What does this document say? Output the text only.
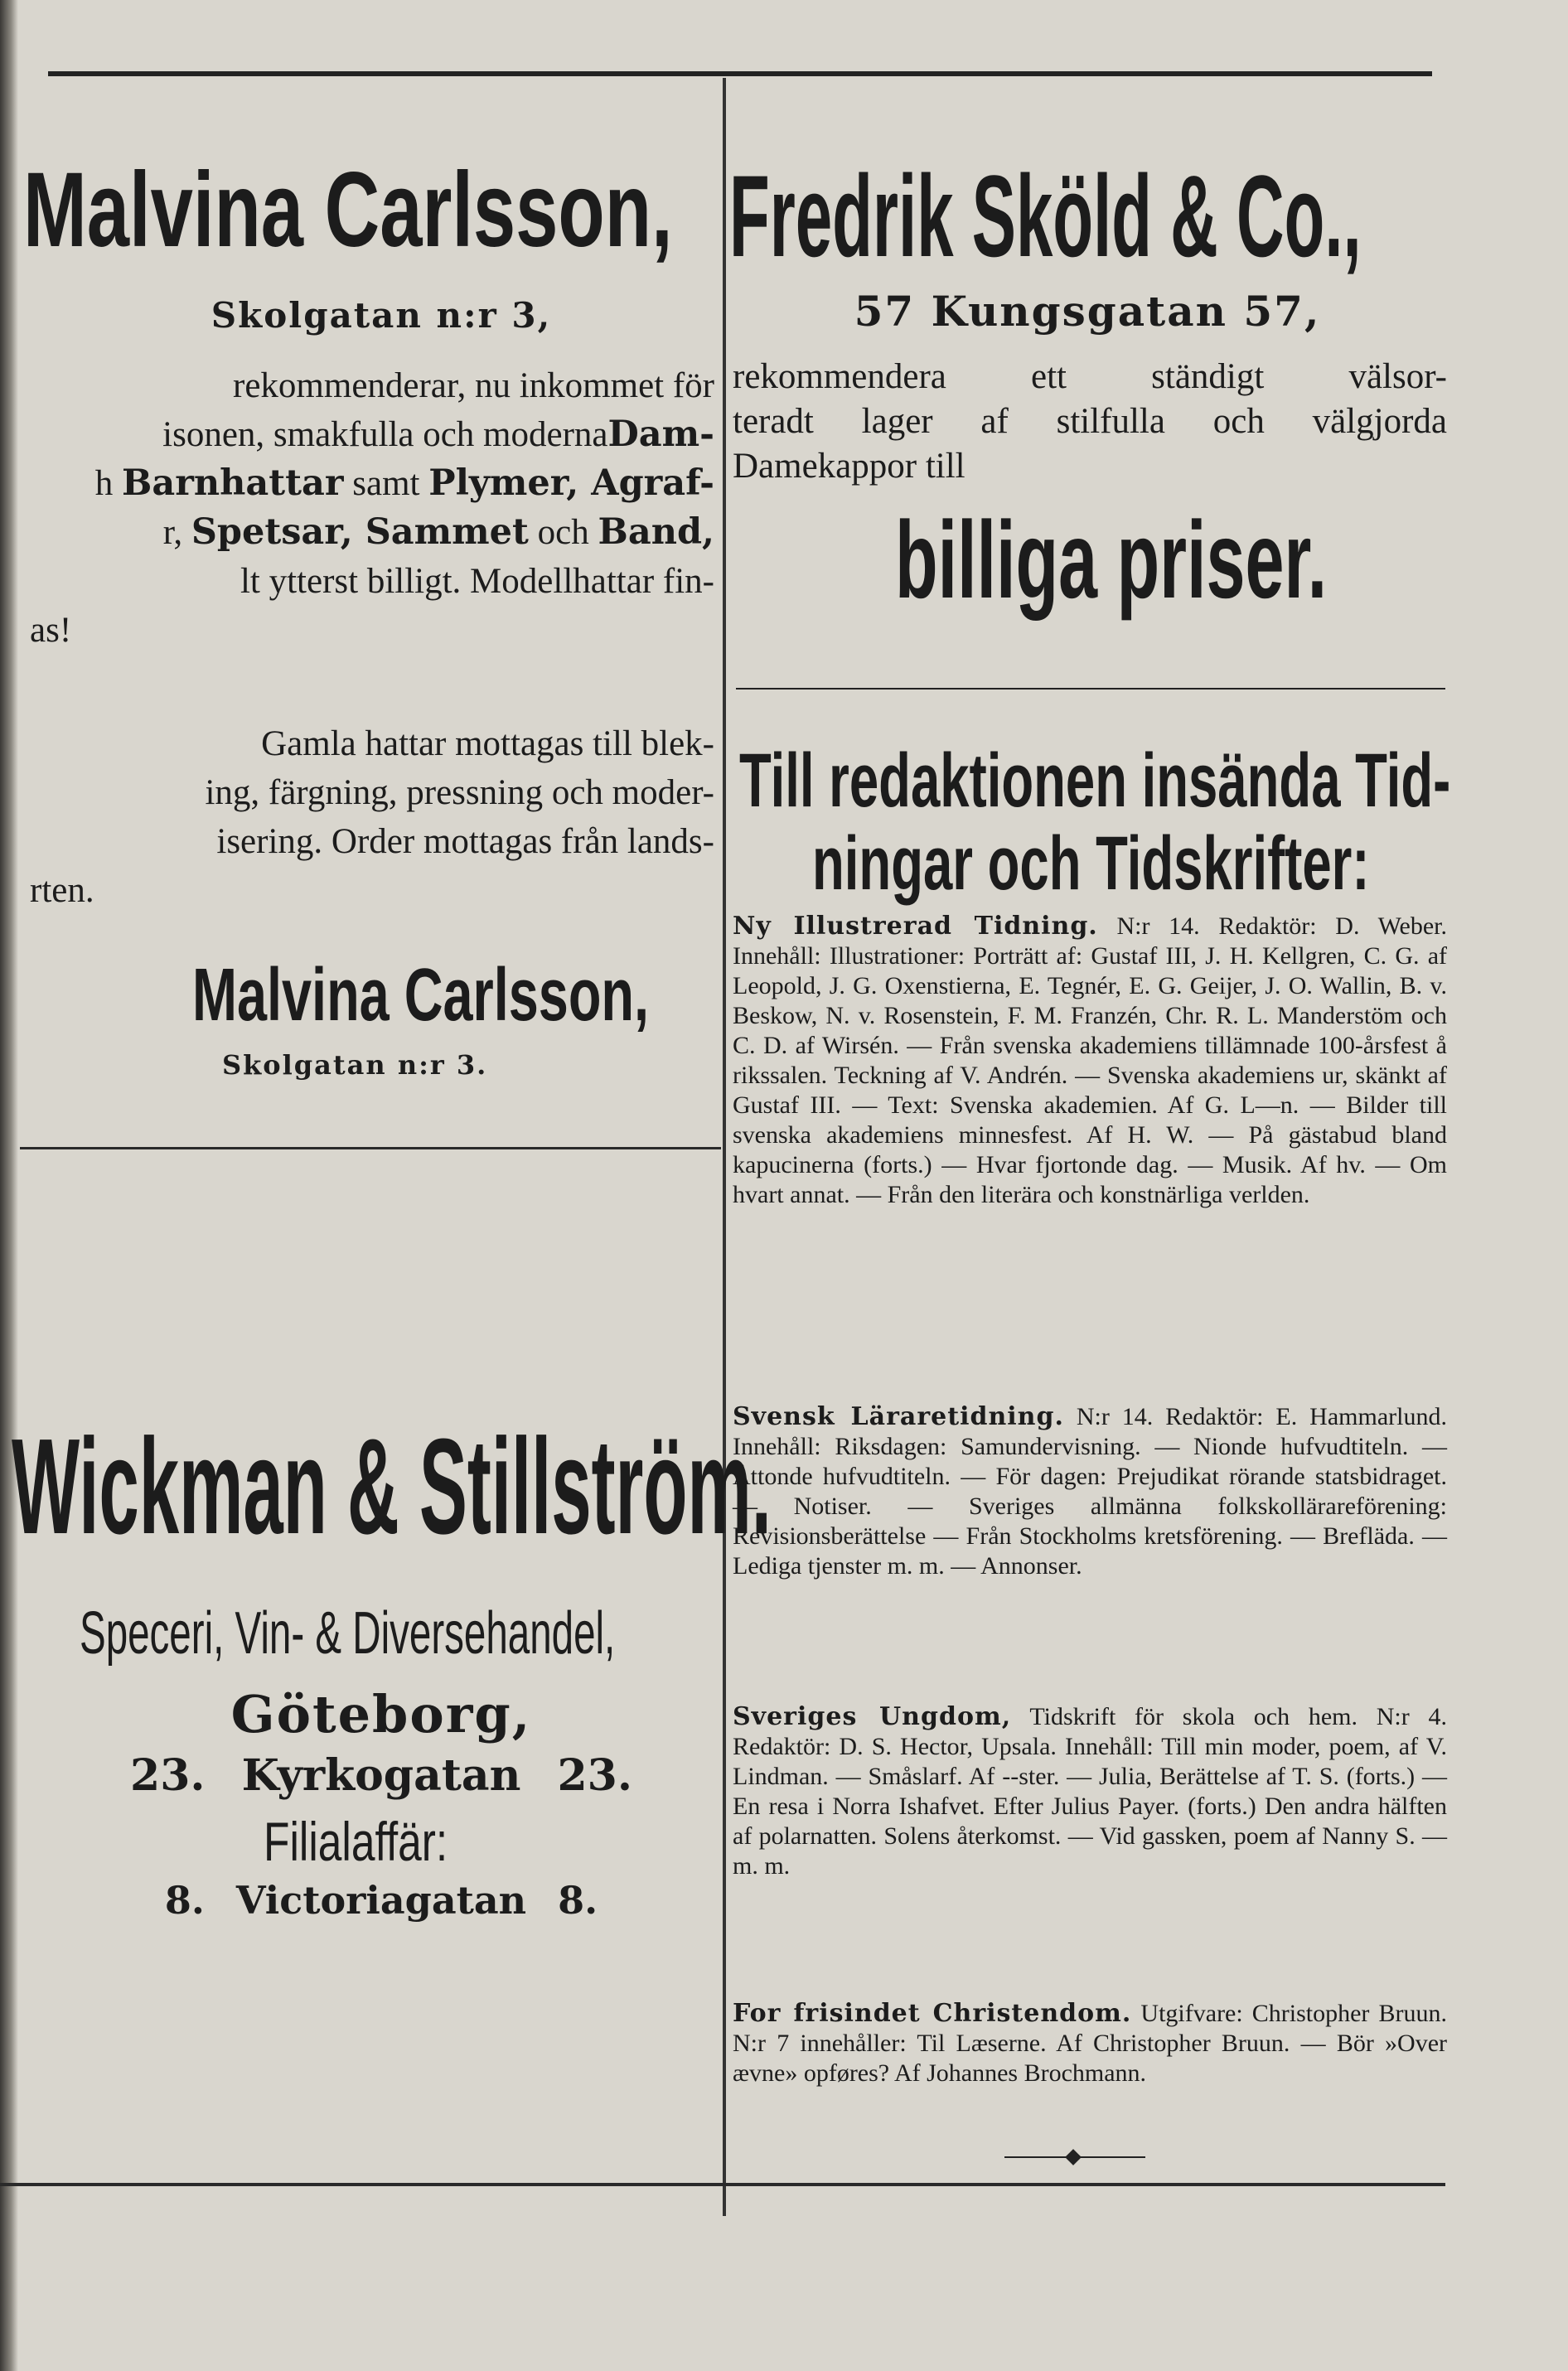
Malvina Carlsson,
Skolgatan n:r 3,
rekommenderar, nu inkommet för
isonen, smakfulla och modernaDam-
h Barnhattar samt Plymer, Agraf-
r, Spetsar, Sammet och Band,
lt ytterst billigt. Modellhattar fin-
as!
Gamla hattar mottagas till blek-
ing, färgning, pressning och moder-
isering. Order mottagas från lands-
rten.
Malvina Carlsson,
Skolgatan n:r 3.
Wickman & Stillström.
Speceri, Vin- & Diversehandel,
Göteborg,
23. Kyrkogatan 23.
Filialaffär:
8. Victoriagatan 8.
Fredrik Sköld & Co.,
57 Kungsgatan 57,
rekommendera ett ständigt välsor-
teradt lager af stilfulla och välgjorda
Damekappor till
billiga priser.
Till redaktionen insända Tid-
ningar och Tidskrifter:
Ny Illustrerad Tidning. N:r 14. Redaktör: D. Weber. Innehåll: Illustrationer: Porträtt af: Gustaf III, J. H. Kellgren, C. G. af Leopold, J. G. Oxenstierna, E. Tegnér, E. G. Geijer, J. O. Wallin, B. v. Beskow, N. v. Rosenstein, F. M. Franzén, Chr. R. L. Manderstöm och C. D. af Wirsén. — Från svenska akademiens tillämnade 100-årsfest å rikssalen. Teckning af V. Andrén. — Svenska akademiens ur, skänkt af Gustaf III. — Text: Svenska akademien. Af G. L—n. — Bilder till svenska akademiens minnesfest. Af H. W. — På gästabud bland kapucinerna (forts.) — Hvar fjortonde dag. — Musik. Af hv. — Om hvart annat. — Från den literära och konstnärliga verlden.
Svensk Läraretidning. N:r 14. Redaktör: E. Hammarlund. Innehåll: Riksdagen: Samundervisning. — Nionde hufvudtiteln. — Åttonde hufvudtiteln. — För dagen: Prejudikat rörande statsbidraget. — Notiser. — Sveriges allmänna folkskollärareförening: Revisionsberättelse — Från Stockholms kretsförening. — Brefläda. — Lediga tjenster m. m. — Annonser.
Sveriges Ungdom, Tidskrift för skola och hem. N:r 4. Redaktör: D. S. Hector, Upsala. Innehåll: Till min moder, poem, af V. Lindman. — Småslarf. Af --ster. — Julia, Berättelse af T. S. (forts.) — En resa i Norra Ishafvet. Efter Julius Payer. (forts.) Den andra hälften af polarnatten. Solens återkomst. — Vid gassken, poem af Nanny S. — m. m.
For frisindet Christendom. Utgifvare: Christopher Bruun. N:r 7 innehåller: Til Læserne. Af Christopher Bruun. — Bör »Over ævne» opføres? Af Johannes Brochmann.
